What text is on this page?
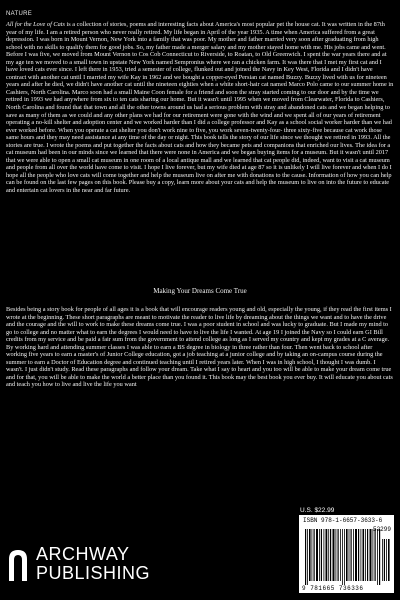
NATURE

All for the Love of Cats is a collection of stories, poems and interesting facts about America's most popular pet the house cat. It was written in the 87th year of my life. I am a retired person who never really retired. My life began in April of the year 1935. A time when America suffered from a great depression. I was born in Mount Vernon, New York into a family that was poor. My mother and father married very soon after graduating from high school with no skills to qualify them for good jobs. So, my father made a merger salary and my mother stayed home with me. His jobs came and went. Before I was five, we moved from Mount Vernon to Cos Cob Connecticut to Riverside, to Roatan, to Old Greenwich. I spent the war years there and at my age ten we moved to a small town in upstate New York named Sempronius where we ran a chicken farm. It was there that I met my first cat and I have loved cats ever since. I left there in 1953, tried a semester of college, flunked out and joined the Navy in Key West, Florida and I didn't have contract with another cat until I married my wife Kay in 1962 and we bought a copper-eyed Persian cat named Buzzy. Buzzy lived with us for nineteen years and after he died, we didn't have another cat until the nineteen eighties when a white short-hair cat named Marco Polo came to our summer home in Cashiers, North Carolina. Marco soon had a small Maine Coon female for a friend and soon the stray started coming to our door and by the time we retired in 1993 we had anywhere from six to ten cats sharing our home. But it wasn't until 1995 when we moved from Clearwater, Florida to Cashiers, North Carolina and found that that town and all the other towns around us had a serious problem with stray and abandoned cats and we began helping to save as many of them as we could and any other plans we had for our retirement were gone with the wind and we spent all of our years of retirement operating a no-kill shelter and adoption center and we worked harder than I did a college professor and Kay as a school social worker harder than we had ever worked before. When you operate a cat shelter you don't work nine to five, you work seven-twenty-four- three sixty-five because cat work those same hours and they may need assistance at any time of the day or night. This book tells the story of our life since we thought we retired in 1993. All the stories are true. I wrote the poems and put together the facts about cats and how they became pets and companions that enriched our lives. The idea for a cat museum had been in our minds since we learned that there were none in America and we began buying items for a museum. But it wasn't until 2017 that we were able to open a small cat museum in one room of a local antique mall and we learned that cat people did, indeed, want to visit a cat museum and people from all over the world have come to visit. I hope I live forever, but my wife died at age 87 so it is unlikely I will live forever and when I do I hope all the people who love cats will come together and help the museum live on after me with donations to the cause. Information of how you can help can be found on the last few pages on this book. Please buy a copy, learn more about your cats and help the museum to live on into the future to educate and entertain cat lovers in the near and far future.

Making Your Dreams Come True

Besides being a story book for people of all ages it is a book that will encourage readers young and old, especially the young, if they read the first items I wrote at the beginning. These short paragraphs are meant to motivate the reader to live life by dreaming about the things we want and to have the drive and the courage and the will to work to make these dreams come true. I was a poor student in school and was lucky to graduate. But I made my mind to go to college and no matter what to earn the degrees I would need to have to live the life I wanted. At age 19 I joined the Navy so I could earn GI Bill credits from my service and be paid a fair sum from the government to attend college as long as I served my country and kept my grades at a C average. By working hard and attending summer classes I was able to earn a BS degree in biology in three rather than four. Then went back to school after working five years to earn a master's of Junior College education, got a job teaching at a junior college and by taking an on-campus course during the summer to earn a Doctor of Education degree and continued teaching until I retired years later. When I was in high school, I thought I was dumb. I wasn't. I just didn't study. Read these paragraphs and follow your dream. Take what I say to heart and you too will be able to make your dream come true and for that, you will be able to make the world a better place than you found it. This book may the best book you ever buy. It will educate you about cats and teach you how to live and live the life you want

U.S. $22.99
ISBN 978-1-6657-3633-6
52299
9 781665 736336
ARCHWAY
PUBLISHING
